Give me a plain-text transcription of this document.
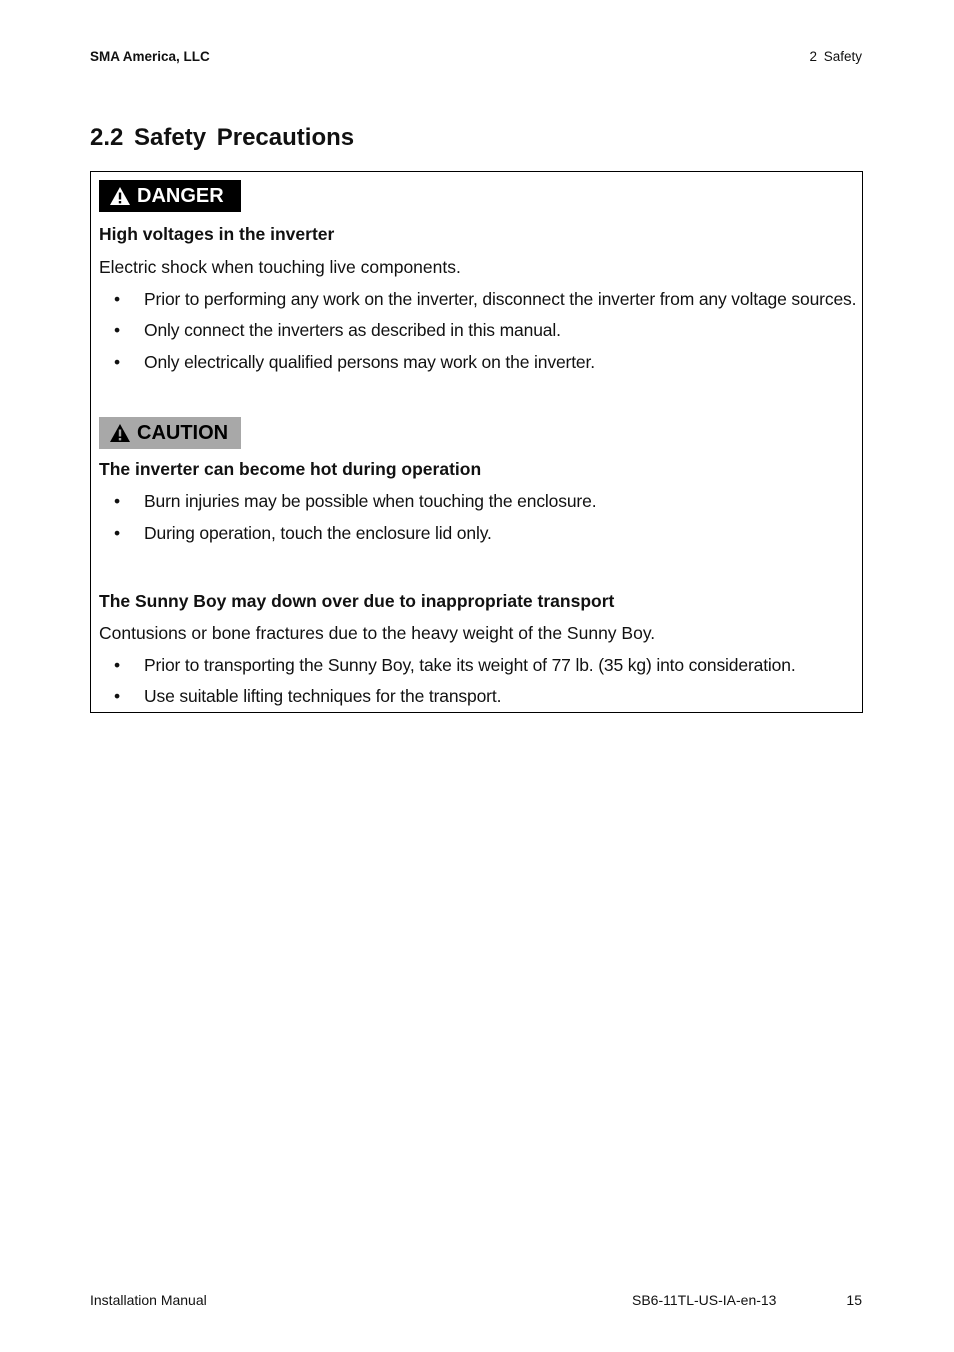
SMA America, LLC	2 Safety
2.2 Safety Precautions
DANGER
High voltages in the inverter
Electric shock when touching live components.
• Prior to performing any work on the inverter, disconnect the inverter from any voltage sources.
• Only connect the inverters as described in this manual.
• Only electrically qualified persons may work on the inverter.
CAUTION
The inverter can become hot during operation
• Burn injuries may be possible when touching the enclosure.
• During operation, touch the enclosure lid only.
The Sunny Boy may down over due to inappropriate transport
Contusions or bone fractures due to the heavy weight of the Sunny Boy.
• Prior to transporting the Sunny Boy, take its weight of 77 lb. (35 kg) into consideration.
• Use suitable lifting techniques for the transport.
Installation Manual	SB6-11TL-US-IA-en-13	15
